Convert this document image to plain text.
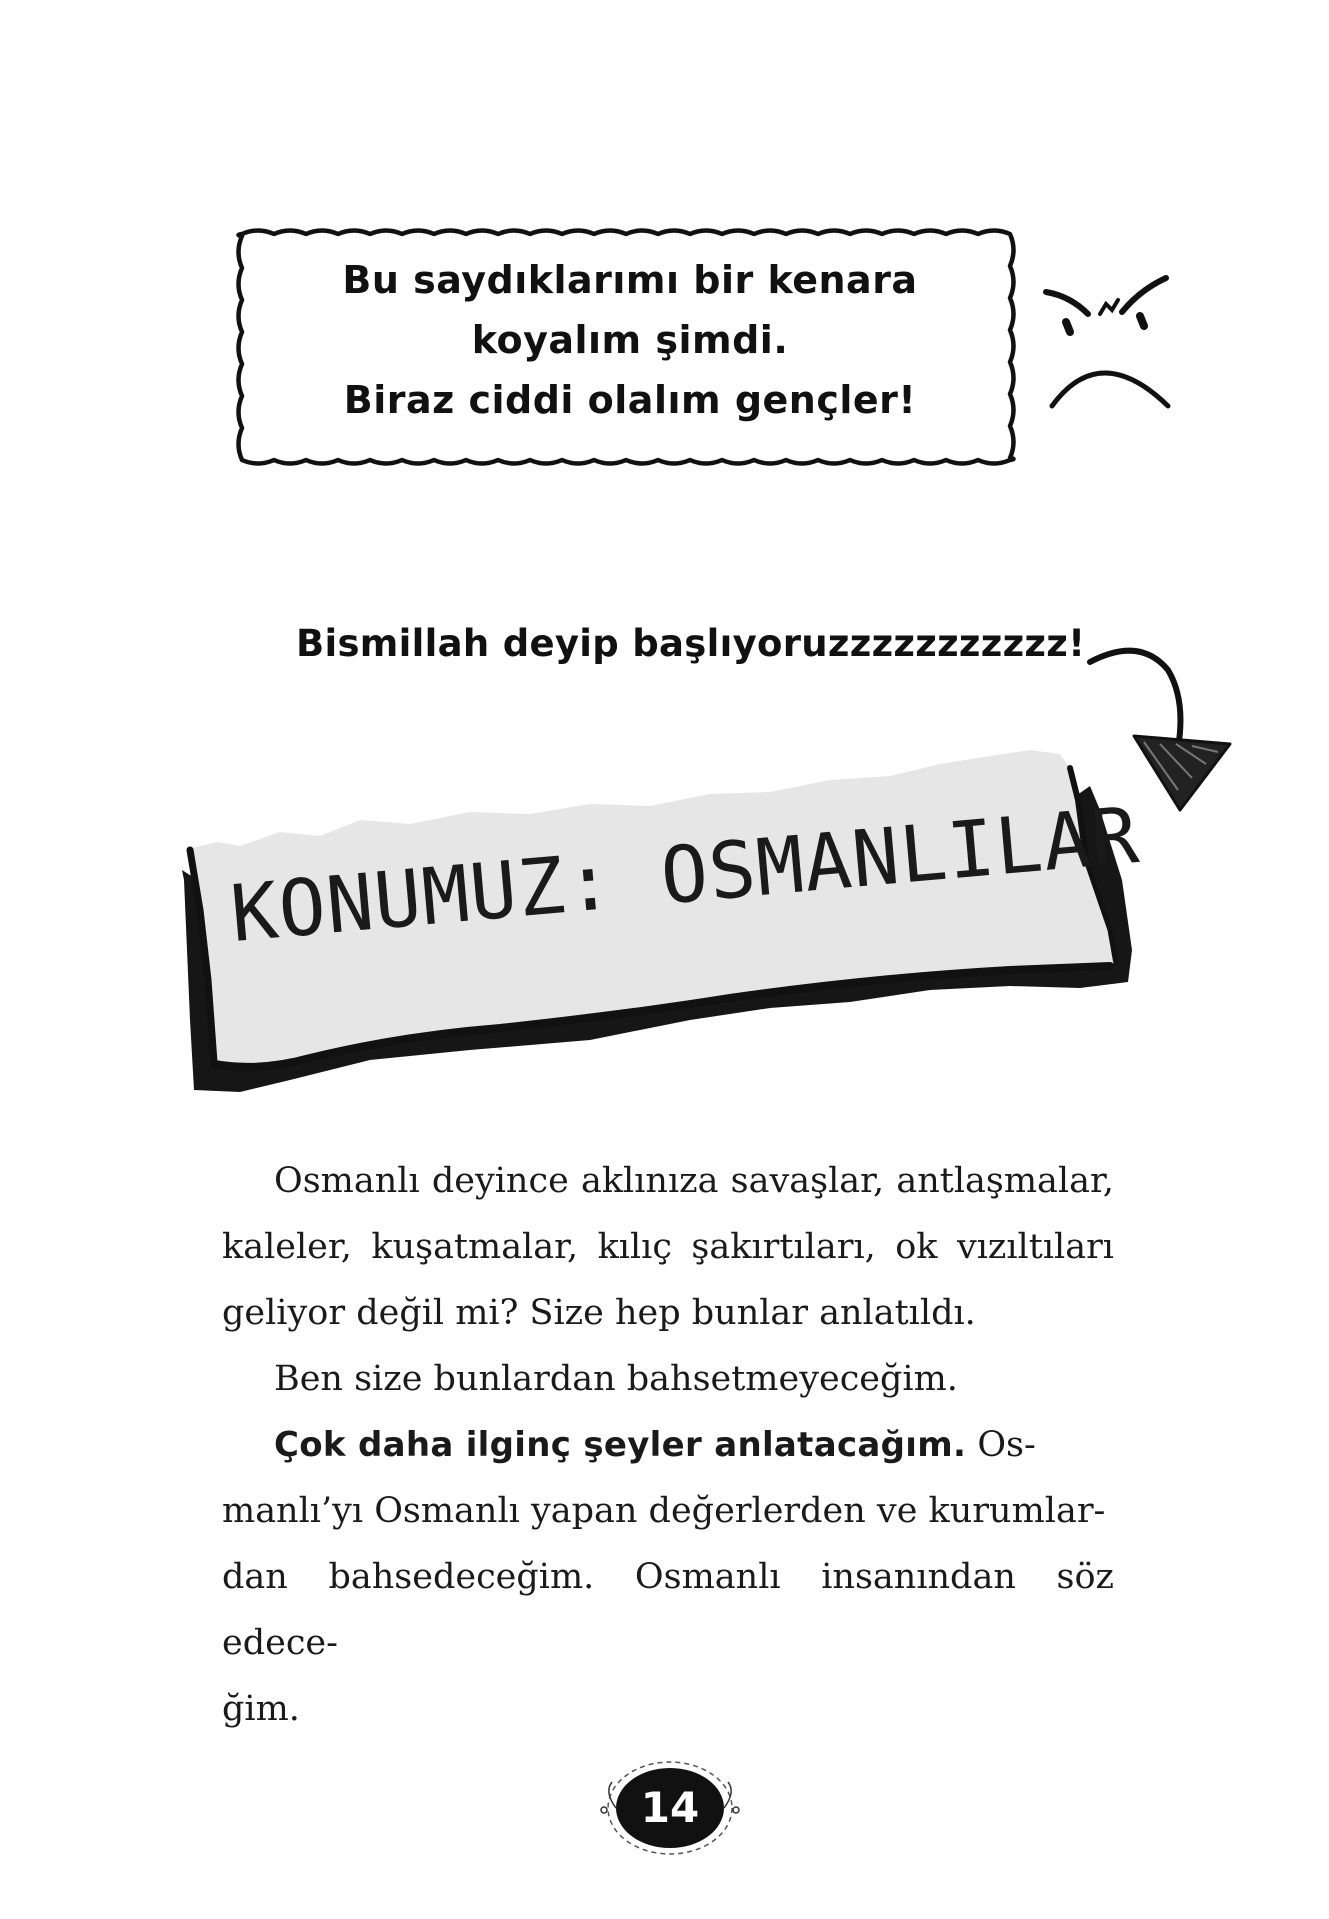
Bu saydıklarımı bir kenara
koyalım şimdi.
Biraz ciddi olalım gençler!
Bismillah deyip başlıyoruzzzzzzzzzzz!
KONUMUZ: OSMANLILAR

Osmanlı deyince aklınıza savaşlar, antlaşmalar, kaleler, kuşatmalar, kılıç şakırtıları, ok vızıltıları geliyor değil mi? Size hep bunlar anlatıldı.

Ben size bunlardan bahsetmeyeceğim.

Çok daha ilginç şeyler anlatacağım. Os-

manlı’yı Osmanlı yapan değerlerden ve kurumlar-

dan bahsedeceğim. Osmanlı insanından söz edece-

ğim.

14
